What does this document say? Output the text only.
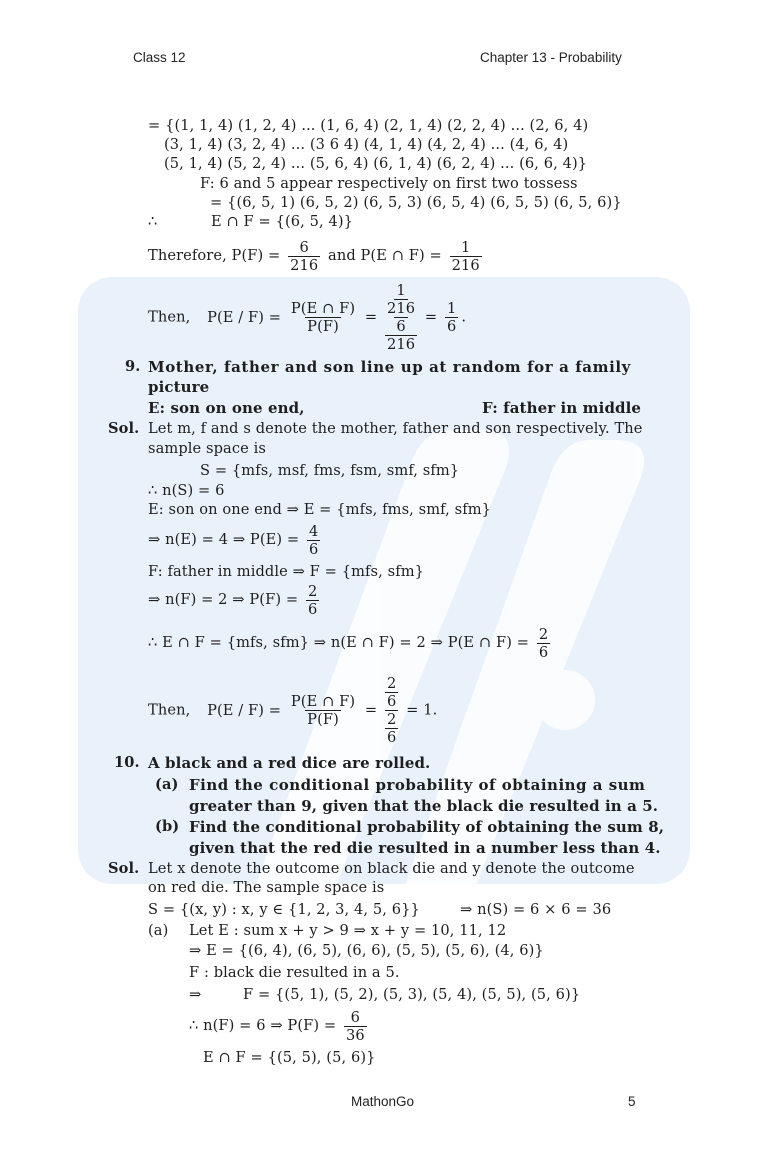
Class 12	Chapter 13 - Probability
= {(1, 1, 4) (1, 2, 4) ... (1, 6, 4) (2, 1, 4) (2, 2, 4) ... (2, 6, 4)
(3, 1, 4) (3, 2, 4) ... (3 6 4) (4, 1, 4) (4, 2, 4) ... (4, 6, 4)
(5, 1, 4) (5, 2, 4) ... (5, 6, 4) (6, 1, 4) (6, 2, 4) ... (6, 6, 4)}
F: 6 and 5 appear respectively on first two tossess
= {(6, 5, 1) (6, 5, 2) (6, 5, 3) (6, 5, 4) (6, 5, 5) (6, 5, 6)}
∴	E ∩ F = {(6, 5, 4)}
Therefore, $P(F) = \frac{6}{216}$ and P(E ∩ $F) = \frac{1}{216}$
Then, $P(E / F) = \frac{P(E \cap F)}{P(F)}$ =
1
216
6
216
= $\frac{1}{6}$ .
9. Mother, father and son line up at random for a family
picture
E: son on one end,	F: father in middle
Sol. Let m, f and s denote the mother, father and son respectively. The
sample space is
S = {mfs, msf, fms, fsm, smf, sfm}
∴ n(S) = 6
E: son on one end ⇒ E = {mfs, fms, smf, sfm}
⇒ n(E) = 4 ⇒ $P(E) = \frac{4}{6}$
F: father in middle ⇒ F = {mfs, sfm}
⇒ n(F) = 2 ⇒ $P(F) = \frac{2}{6}$
∴ E ∩ F = {mfs, sfm} ⇒ n(E ∩ F) = 2 ⇒ P(E ∩ $F) = \frac{2}{6}$
Then, $P(E / F) = \frac{P(E \cap F)}{P(F)}$ =
2
6
2
6
= 1.
10. A black and a red dice are rolled.
(a) Find the conditional probability of obtaining a sum
greater than 9, given that the black die resulted in a 5.
(b) Find the conditional probability of obtaining the sum 8,
given that the red die resulted in a number less than 4.
Sol. Let x denote the outcome on black die and y denote the outcome
on red die. The sample space is
S = {(x, y) : x, y ∈ {1, 2, 3, 4, 5, 6}}	⇒ n(S) = 6 × 6 = 36
(a) Let E : sum x + y > 9 ⇒ x + y = 10, 11, 12
⇒ E = {(6, 4), (6, 5), (6, 6), (5, 5), (5, 6), (4, 6)}
F : black die resulted in a 5.
⇒	F = {(5, 1), (5, 2), (5, 3), (5, 4), (5, 5), (5, 6)}
∴ n(F) = 6 ⇒ $P(F) = \frac{6}{36}$
E ∩ F = {(5, 5), (5, 6)}
MathonGo	5
